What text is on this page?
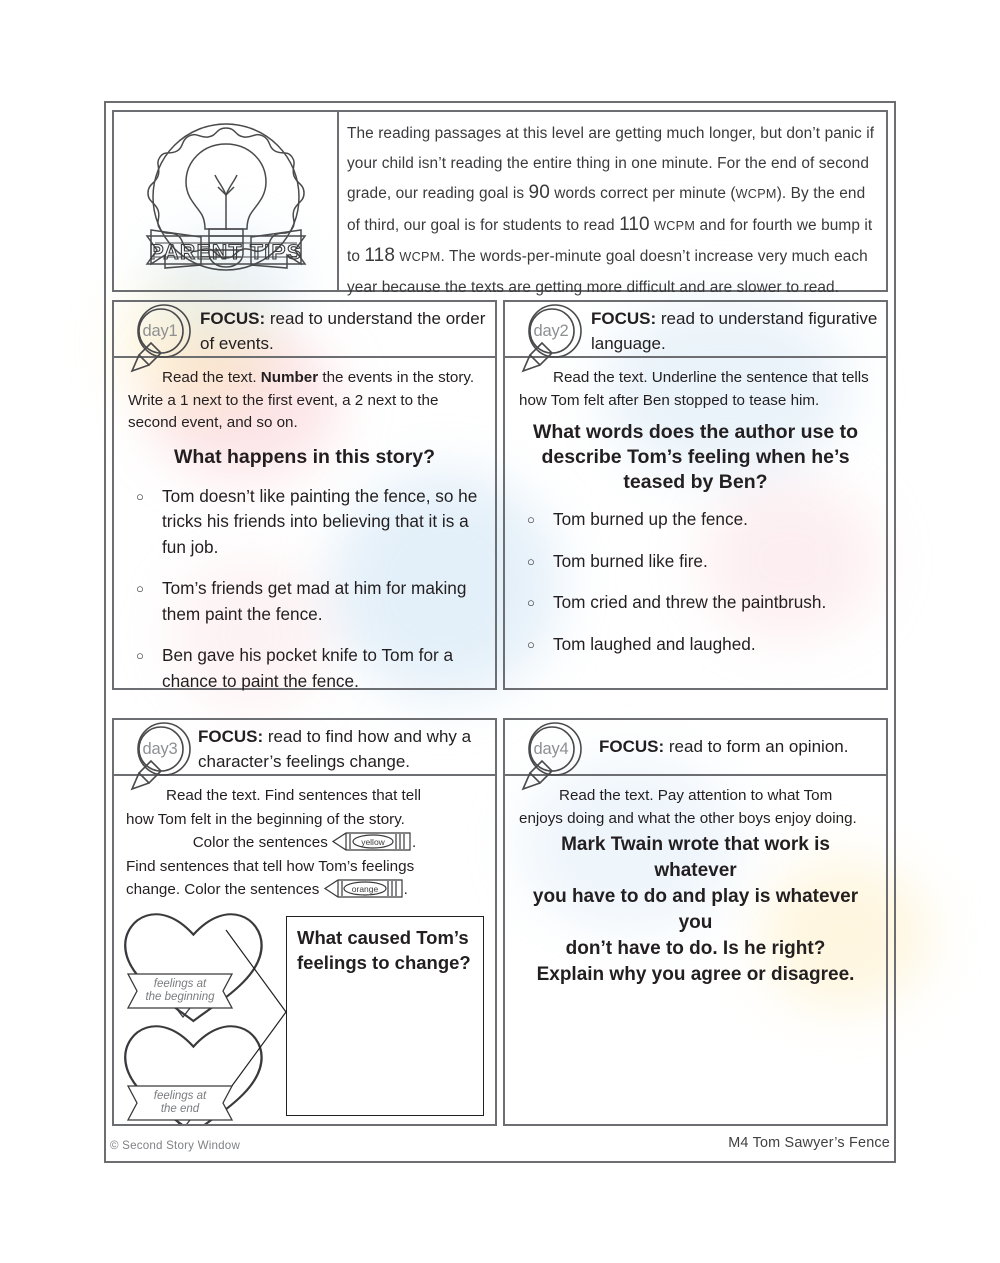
PARENT TIPS
The reading passages at this level are getting much longer, but don’t panic if your child isn’t reading the entire thing in one minute. For the end of second grade, our reading goal is 90 words correct per minute (WCPM). By the end of third, our goal is for students to read 110 WCPM and for fourth we bump it to 118 WCPM. The words-per-minute goal doesn’t increase very much each year because the texts are getting more difficult and are slower to read.
day1
FOCUS: read to understand the order of events.
Read the text. Number the events in the story. Write a 1 next to the first event, a 2 next to the second event, and so on.
What happens in this story?
○	Tom doesn’t like painting the fence, so he tricks his friends into believing that it is a fun job.
○	Tom’s friends get mad at him for making them paint the fence.
○	Ben gave his pocket knife to Tom for a chance to paint the fence.
day2
FOCUS: read to understand figurative language.
Read the text. Underline the sentence that tells how Tom felt after Ben stopped to tease him.
What words does the author use to describe Tom’s feeling when he’s teased by Ben?
○	Tom burned up the fence.
○	Tom burned like fire.
○	Tom cried and threw the paintbrush.
○	Tom laughed and laughed.
day3
FOCUS: read to find how and why a character’s feelings change.
Read the text. Find sentences that tell
how Tom felt in the beginning of the story.
Color the sentences	yellow .
Find sentences that tell how Tom’s feelings
change. Color the sentences	orange .
feelings at
the beginning
feelings at
the end
What caused Tom’s
feelings to change?
day4	FOCUS: read to form an opinion.
Read the text. Pay attention to what Tom enjoys doing and what the other boys enjoy doing.
Mark Twain wrote that work is whatever
you have to do and play is whatever you
don’t have to do. Is he right?
Explain why you agree or disagree.
© Second Story Window	M4 Tom Sawyer’s Fence
